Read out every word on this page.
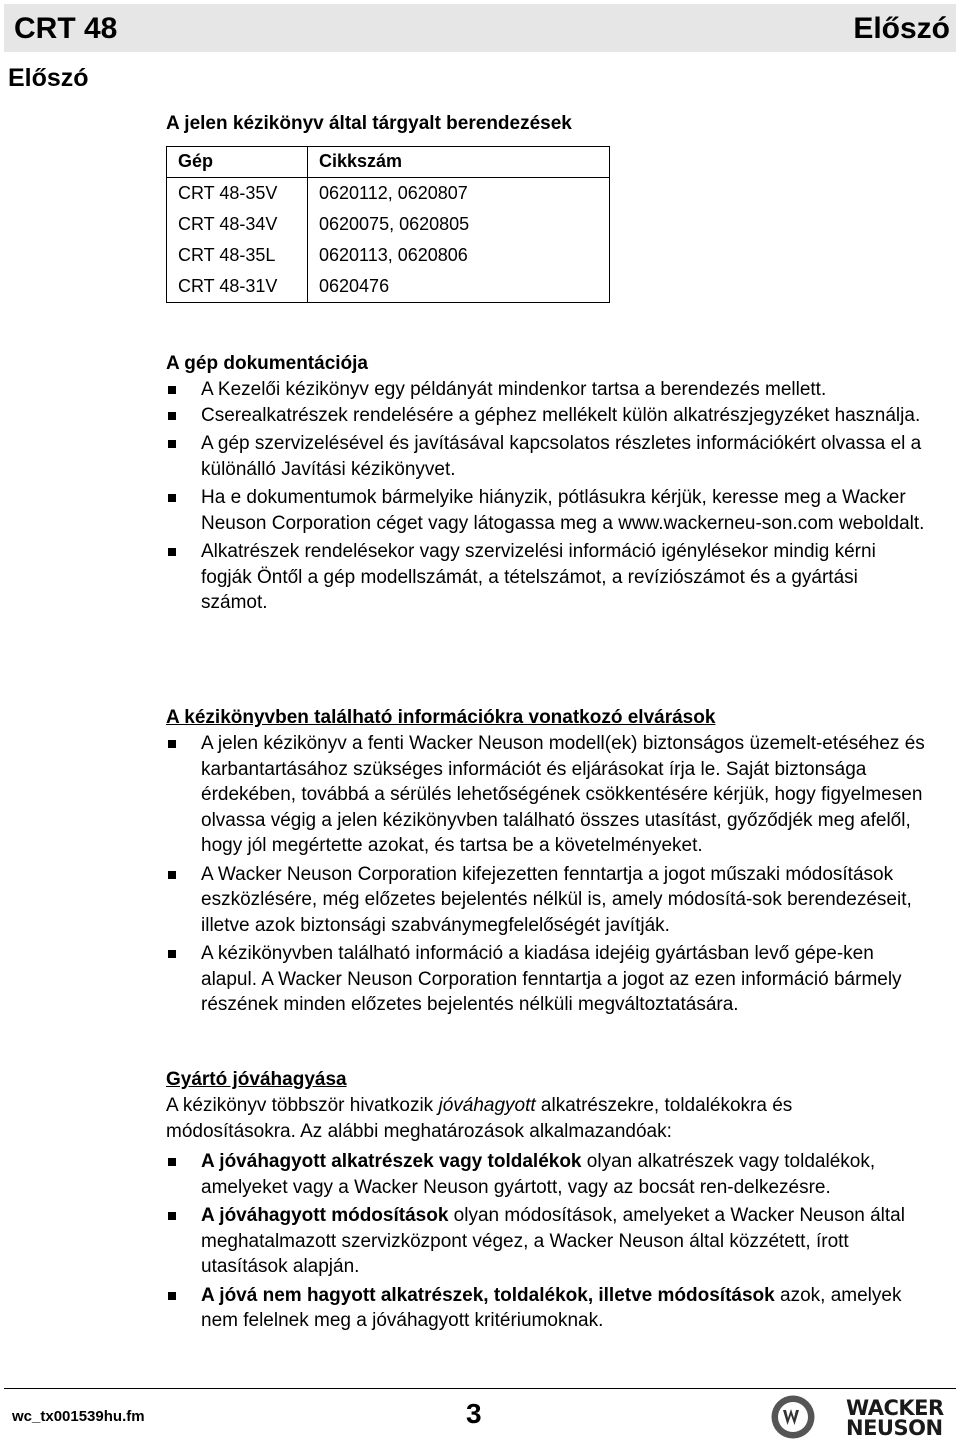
CRT 48	Előszó
Előszó
A jelen kézikönyv által tárgyalt berendezések
Gép	Cikkszám
CRT 48-35V	0620112, 0620807
CRT 48-34V	0620075, 0620805
CRT 48-35L	0620113, 0620806
CRT 48-31V	0620476
A gép dokumentációja
A Kezelői kézikönyv egy példányát mindenkor tartsa a berendezés mellett.
Cserealkatrészek rendelésére a géphez mellékelt külön alkatrészjegyzéket használja.
A gép szervizelésével és javításával kapcsolatos részletes információkért olvassa el a különálló Javítási kézikönyvet.
Ha e dokumentumok bármelyike hiányzik, pótlásukra kérjük, keresse meg a Wacker Neuson Corporation céget vagy látogassa meg a www.wackerneu-son.com weboldalt.
Alkatrészek rendelésekor vagy szervizelési információ igénylésekor mindig kérni fogják Öntől a gép modellszámát, a tételszámot, a revíziószámot és a gyártási számot.
A kézikönyvben található információkra vonatkozó elvárások
A jelen kézikönyv a fenti Wacker Neuson modell(ek) biztonságos üzemelt-etéséhez és karbantartásához szükséges információt és eljárásokat írja le. Saját biztonsága érdekében, továbbá a sérülés lehetőségének csökkentésére kérjük, hogy figyelmesen olvassa végig a jelen kézikönyvben található összes utasítást, győződjék meg afelől, hogy jól megértette azokat, és tartsa be a követelményeket.
A Wacker Neuson Corporation kifejezetten fenntartja a jogot műszaki módosítások eszközlésére, még előzetes bejelentés nélkül is, amely módosítá-sok berendezéseit, illetve azok biztonsági szabványmegfelelőségét javítják.
A kézikönyvben található információ a kiadása idejéig gyártásban levő gépe-ken alapul. A Wacker Neuson Corporation fenntartja a jogot az ezen információ bármely részének minden előzetes bejelentés nélküli megváltoztatására.
Gyártó jóváhagyása
A kézikönyv többször hivatkozik jóváhagyott alkatrészekre, toldalékokra és módosításokra. Az alábbi meghatározások alkalmazandóak:
A jóváhagyott alkatrészek vagy toldalékok olyan alkatrészek vagy toldalékok, amelyeket vagy a Wacker Neuson gyártott, vagy az bocsát ren-delkezésre.
A jóváhagyott módosítások olyan módosítások, amelyeket a Wacker Neuson által meghatalmazott szervizközpont végez, a Wacker Neuson által közzétett, írott utasítások alapján.
A jóvá nem hagyott alkatrészek, toldalékok, illetve módosítások azok, amelyek nem felelnek meg a jóváhagyott kritériumoknak.
wc_tx001539hu.fm	3	WACKER
NEUSON
